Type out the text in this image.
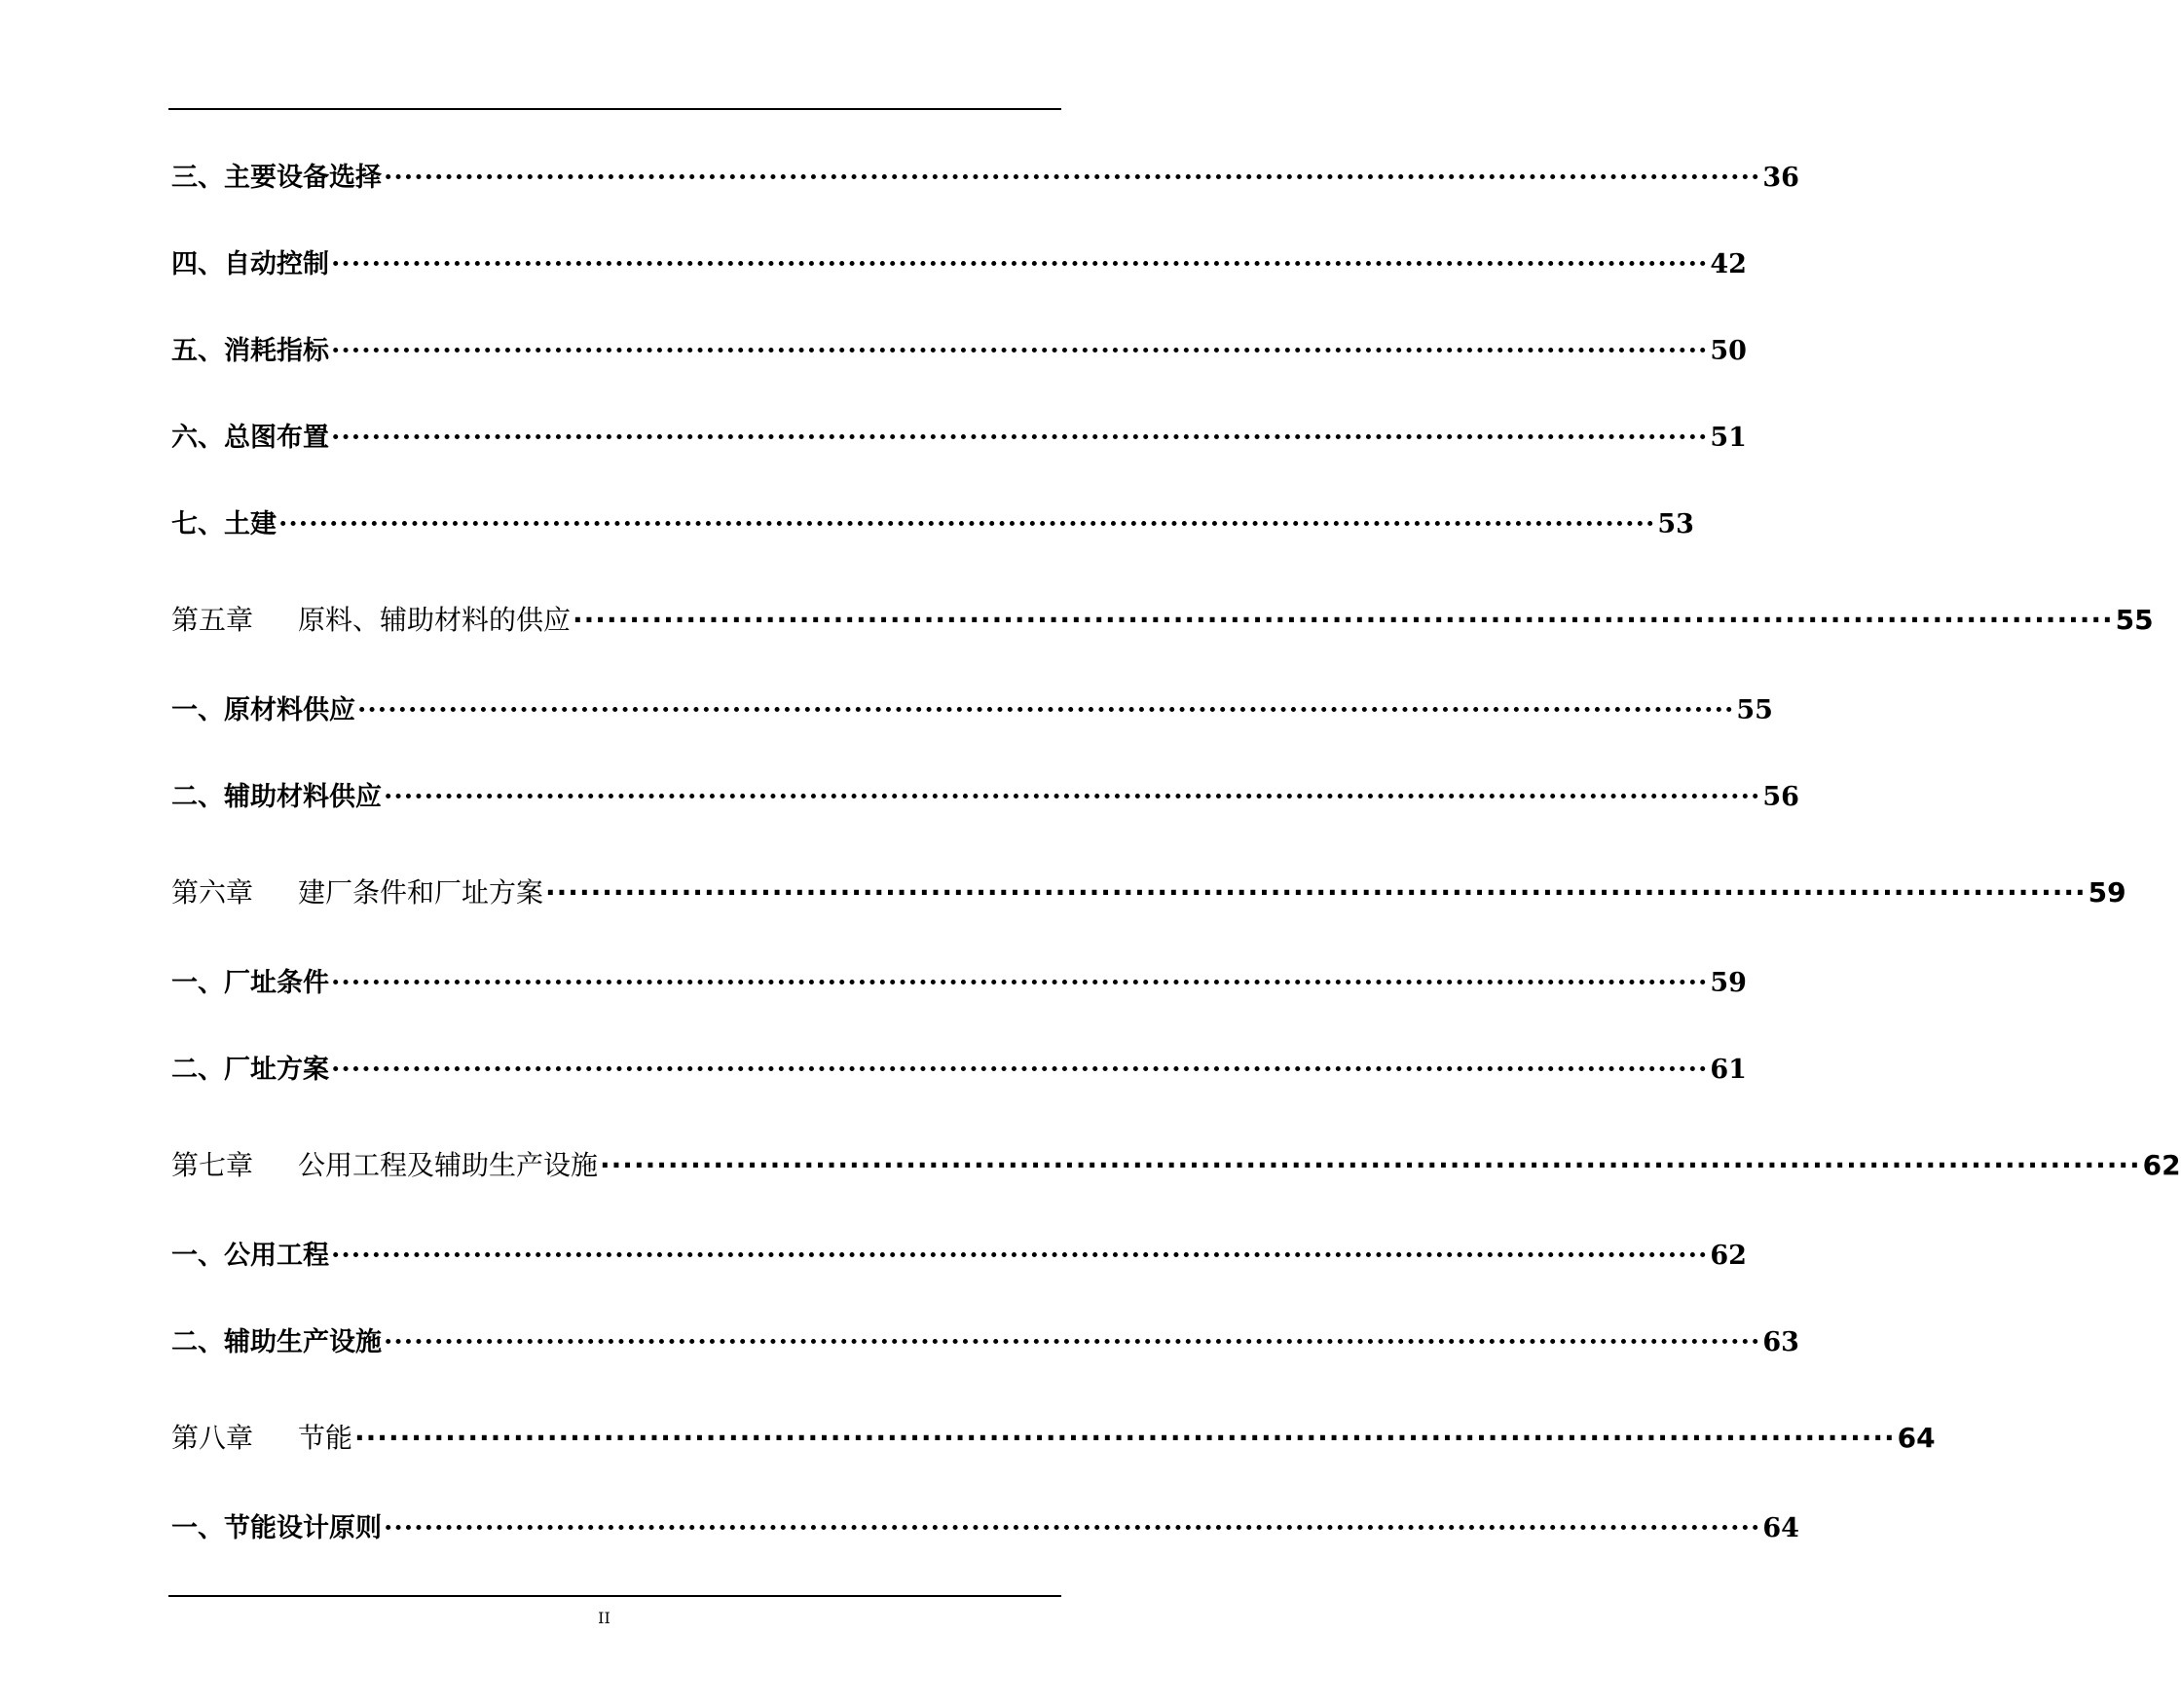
三、主要设备选择 ········································································································································ 36
四、自动控制 ········································································································································ 42
五、消耗指标 ········································································································································ 50
六、总图布置 ········································································································································ 51
七、土建 ········································································································································ 53
第五章 原料、辅助材料的供应 ········································································································································ 55
一、原材料供应 ········································································································································ 55
二、辅助材料供应 ········································································································································ 56
第六章 建厂条件和厂址方案 ········································································································································ 59
一、厂址条件 ········································································································································ 59
二、厂址方案 ········································································································································ 61
第七章 公用工程及辅助生产设施 ········································································································································ 62
一、公用工程 ········································································································································ 62
二、辅助生产设施 ········································································································································ 63
第八章 节能 ········································································································································ 64
一、节能设计原则 ········································································································································ 64
II
